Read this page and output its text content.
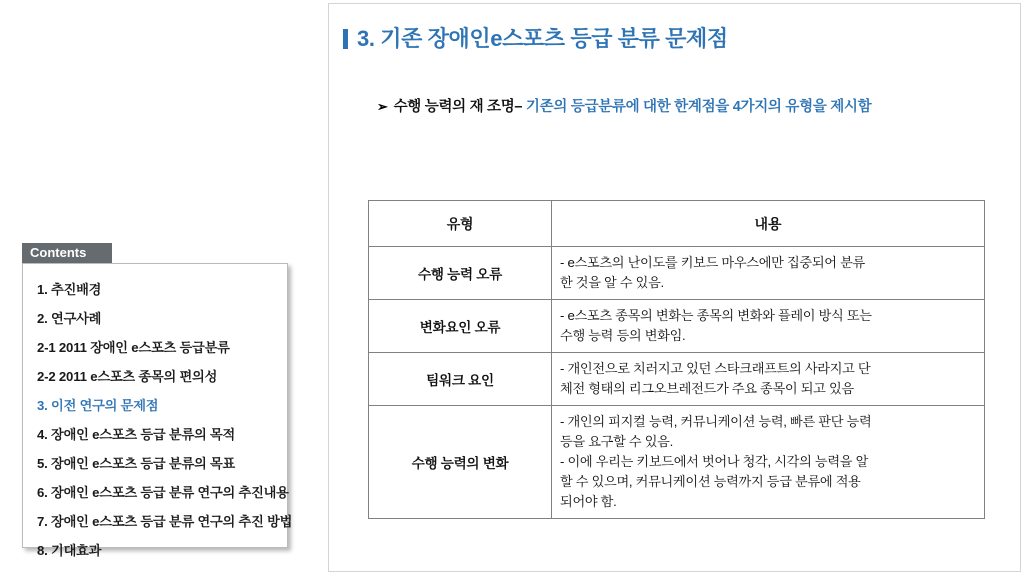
Contents
1. 추진배경
2. 연구사례
2-1 2011 장애인 e스포츠 등급분류
2-2 2011 e스포츠 종목의 편의성
3. 이전 연구의 문제점
4. 장애인 e스포츠 등급 분류의 목적
5. 장애인 e스포츠 등급 분류의 목표
6. 장애인 e스포츠 등급 분류 연구의 추진내용
7. 장애인 e스포츠 등급 분류 연구의 추진 방법
8. 기대효과
3. 기존 장애인e스포츠 등급 분류 문제점
➢ 수행 능력의 재 조명– 기존의 등급분류에 대한 한계점을 4가지의 유형을 제시함
유형	내용
수행 능력 오류	- e스포츠의 난이도를 키보드 마우스에만 집중되어 분류
한 것을 알 수 있음.

변화요인 오류	- e스포츠 종목의 변화는 종목의 변화와 플레이 방식 또는
수행 능력 등의 변화임.

팀워크 요인	- 개인전으로 치러지고 있던 스타크래프트의 사라지고 단
체전 형태의 리그오브레전드가 주요 종목이 되고 있음

수행 능력의 변화	- 개인의 피지컬 능력, 커뮤니케이션 능력, 빠른 판단 능력
등을 요구할 수 있음.
- 이에 우리는 키보드에서 벗어나 청각, 시각의 능력을 알
할 수 있으며, 커뮤니케이션 능력까지 등급 분류에 적용
되어야 함.
